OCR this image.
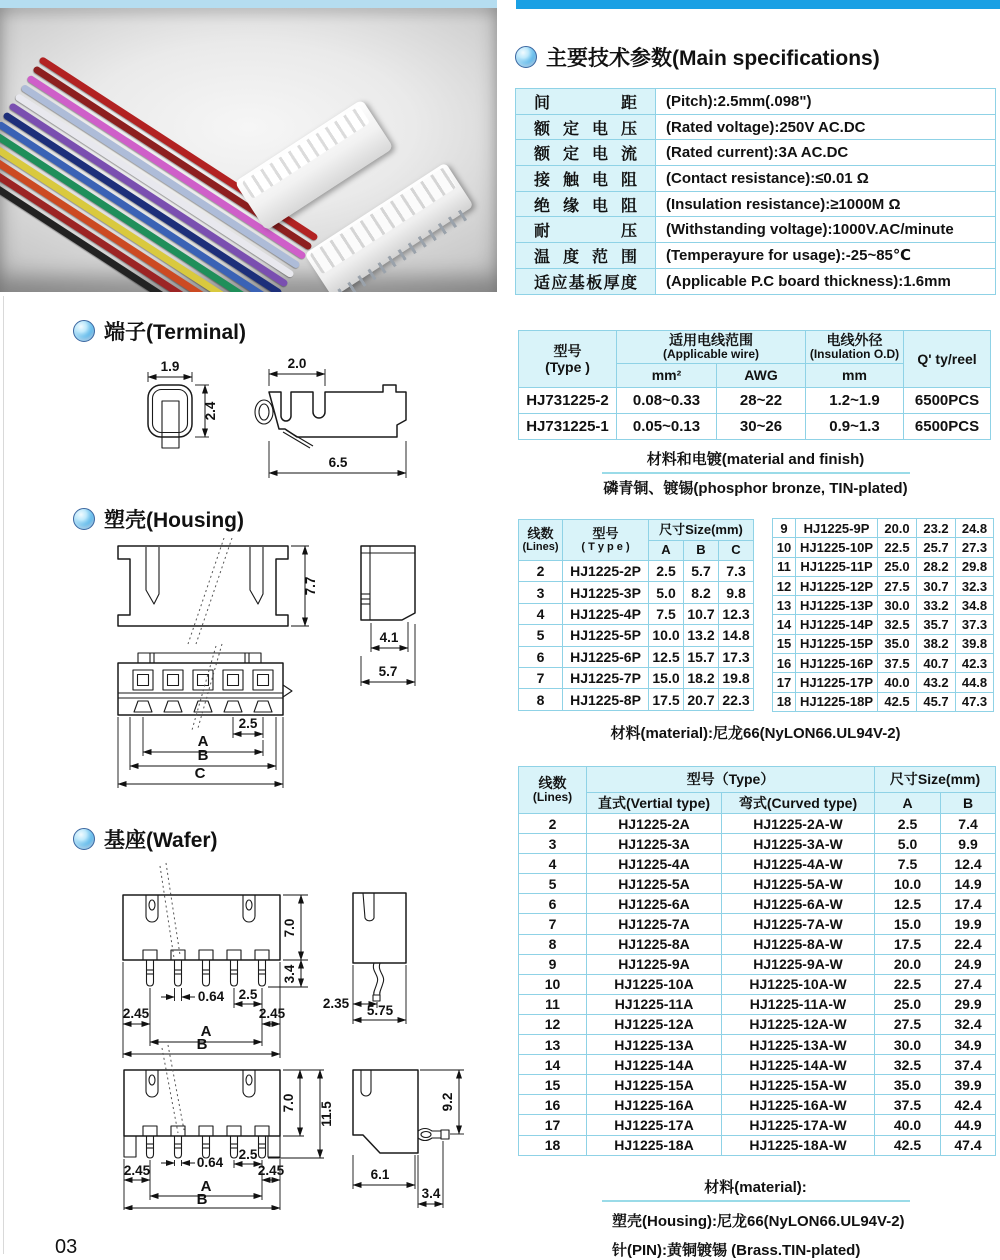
主要技术参数(Main specifications)
间距	(Pitch):2.5mm(.098")

额定电压	(Rated voltage):250V AC.DC

额定电流	(Rated current):3A AC.DC

接触电阻	(Contact resistance):≤0.01 Ω

绝缘电阻	(Insulation resistance):≥1000M Ω

耐压	(Withstanding voltage):1000V.AC/minute

温度范围	(Temperayure for usage):-25~85℃

适应基板厚度	(Applicable P.C board thickness):1.6mm
型号
(Type )	适用电线范围
(Applicable wire)		电线外径
(Insulation O.D)	Q' ty/reel
	mm²	AWG	mm	
HJ731225-2	0.08~0.33	28~22	1.2~1.9	6500PCS
HJ731225-1	0.05~0.13	30~26	0.9~1.3	6500PCS
材料和电镀(material and finish)
磷青铜、镀锡(phosphor bronze, TIN-plated)
线数
(Lines)	型号
( T y p e )	尺寸Size(mm)		
		A	B	C
2	HJ1225-2P	2.5	5.7	7.3
3	HJ1225-3P	5.0	8.2	9.8
4	HJ1225-4P	7.5	10.7	12.3
5	HJ1225-5P	10.0	13.2	14.8
6	HJ1225-6P	12.5	15.7	17.3
7	HJ1225-7P	15.0	18.2	19.8
8	HJ1225-8P	17.5	20.7	22.3
9	HJ1225-9P	20.0	23.2	24.8
10	HJ1225-10P	22.5	25.7	27.3
11	HJ1225-11P	25.0	28.2	29.8
12	HJ1225-12P	27.5	30.7	32.3
13	HJ1225-13P	30.0	33.2	34.8
14	HJ1225-14P	32.5	35.7	37.3
15	HJ1225-15P	35.0	38.2	39.8
16	HJ1225-16P	37.5	40.7	42.3
17	HJ1225-17P	40.0	43.2	44.8
18	HJ1225-18P	42.5	45.7	47.3
材料(material):尼龙66(NyLON66.UL94V-2)
线数
(Lines)	型号（Type）		尺寸Size(mm)	
	直式(Vertial type)	弯式(Curved type)	A	B
2	HJ1225-2A	HJ1225-2A-W	2.5	7.4
3	HJ1225-3A	HJ1225-3A-W	5.0	9.9
4	HJ1225-4A	HJ1225-4A-W	7.5	12.4
5	HJ1225-5A	HJ1225-5A-W	10.0	14.9
6	HJ1225-6A	HJ1225-6A-W	12.5	17.4
7	HJ1225-7A	HJ1225-7A-W	15.0	19.9
8	HJ1225-8A	HJ1225-8A-W	17.5	22.4
9	HJ1225-9A	HJ1225-9A-W	20.0	24.9
10	HJ1225-10A	HJ1225-10A-W	22.5	27.4
11	HJ1225-11A	HJ1225-11A-W	25.0	29.9
12	HJ1225-12A	HJ1225-12A-W	27.5	32.4
13	HJ1225-13A	HJ1225-13A-W	30.0	34.9
14	HJ1225-14A	HJ1225-14A-W	32.5	37.4
15	HJ1225-15A	HJ1225-15A-W	35.0	39.9
16	HJ1225-16A	HJ1225-16A-W	37.5	42.4
17	HJ1225-17A	HJ1225-17A-W	40.0	44.9
18	HJ1225-18A	HJ1225-18A-W	42.5	47.4
材料(material):
塑壳(Housing):尼龙66(NyLON66.UL94V-2)
针(PIN):黄铜镀锡 (Brass.TIN-plated)
端子(Terminal)
1.9
2.4
2.0
6.5
塑壳(Housing)
7.7
4.1
5.7
2.5
A
B
C
基座(Wafer)
7.0
3.4
0.64 2.5
2.45	2.45
A
B
2.35 5.75
7.0 11.5
0.64
2.5
2.45	2.45
A
B
9.2
6.1
3.4
03
